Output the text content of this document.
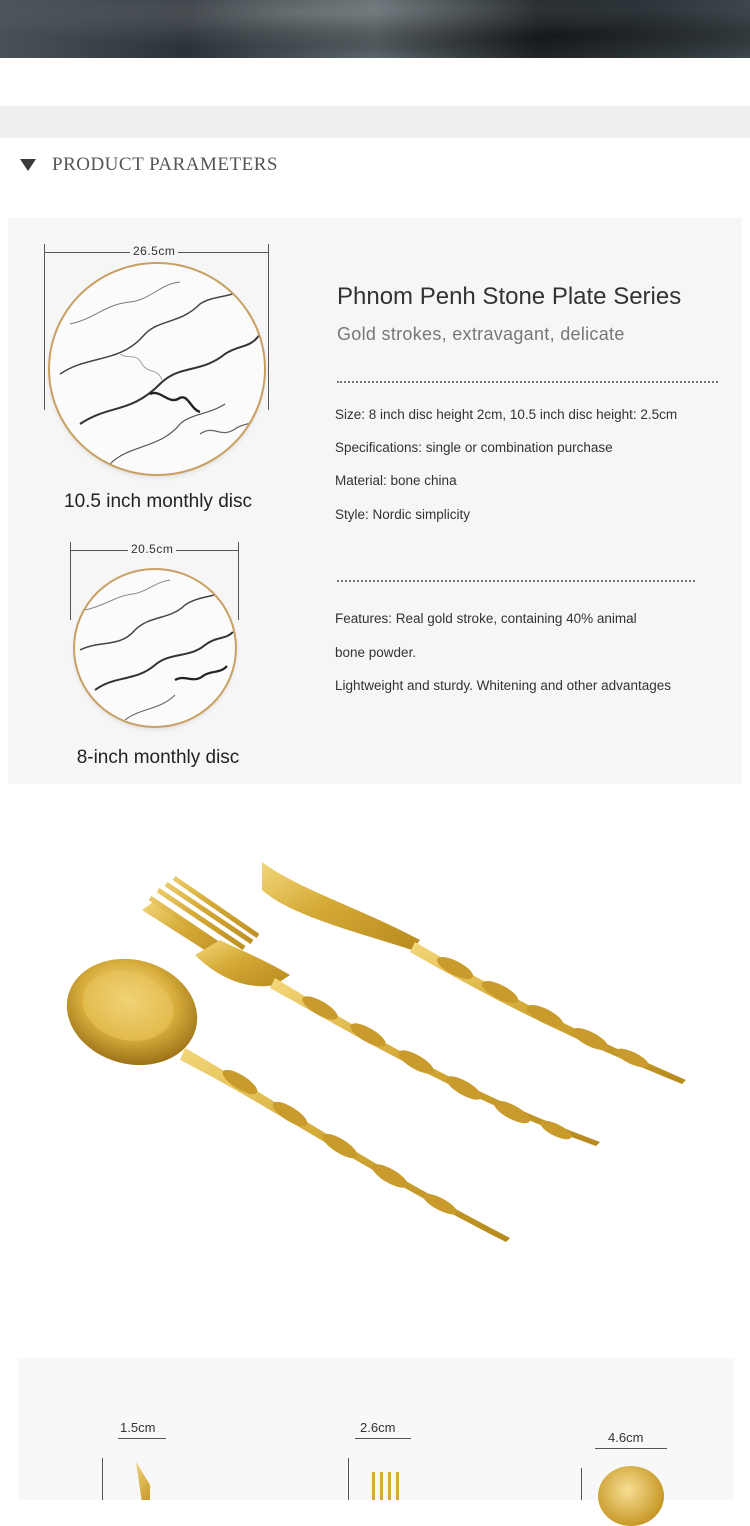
PRODUCT PARAMETERS
26.5cm
10.5 inch monthly disc
20.5cm
8-inch monthly disc
Phnom Penh Stone Plate Series
Gold strokes, extravagant, delicate
Size: 8 inch disc height 2cm, 10.5 inch disc height: 2.5cm
Specifications: single or combination purchase
Material: bone china
Style: Nordic simplicity
Features: Real gold stroke, containing 40% animal
bone powder.
Lightweight and sturdy. Whitening and other advantages
1.5cm	2.6cm
4.6cm
